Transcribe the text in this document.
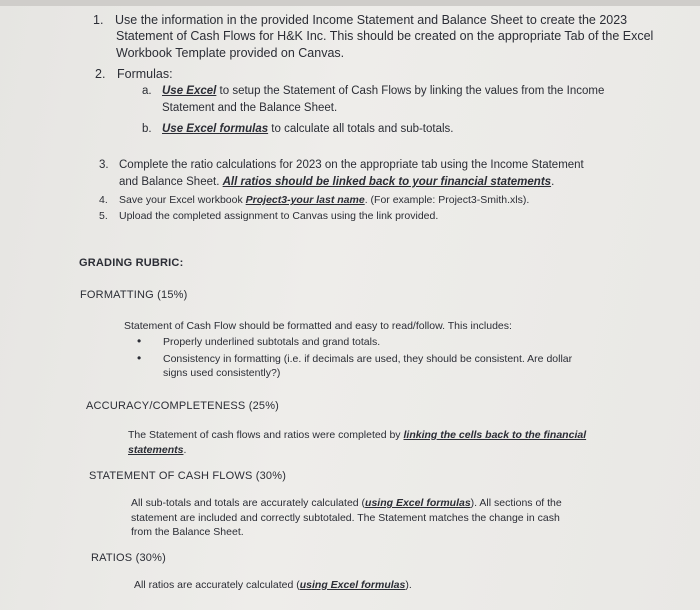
1. Use the information in the provided Income Statement and Balance Sheet to create the 2023
Statement of Cash Flows for H&K Inc. This should be created on the appropriate Tab of the Excel
Workbook Template provided on Canvas.
2. Formulas:
a. Use Excel to setup the Statement of Cash Flows by linking the values from the Income
Statement and the Balance Sheet.
b. Use Excel formulas to calculate all totals and sub-totals.
3. Complete the ratio calculations for 2023 on the appropriate tab using the Income Statement
and Balance Sheet. All ratios should be linked back to your financial statements.
4. Save your Excel workbook Project3-your last name. (For example: Project3-Smith.xls).
5. Upload the completed assignment to Canvas using the link provided.
GRADING RUBRIC:
FORMATTING (15%)
Statement of Cash Flow should be formatted and easy to read/follow. This includes:
• Properly underlined subtotals and grand totals.
• Consistency in formatting (i.e. if decimals are used, they should be consistent. Are dollar
signs used consistently?)
ACCURACY/COMPLETENESS (25%)
The Statement of cash flows and ratios were completed by linking the cells back to the financial
statements.
STATEMENT OF CASH FLOWS (30%)
All sub-totals and totals are accurately calculated (using Excel formulas). All sections of the
statement are included and correctly subtotaled. The Statement matches the change in cash
from the Balance Sheet.
RATIOS (30%)
All ratios are accurately calculated (using Excel formulas).
